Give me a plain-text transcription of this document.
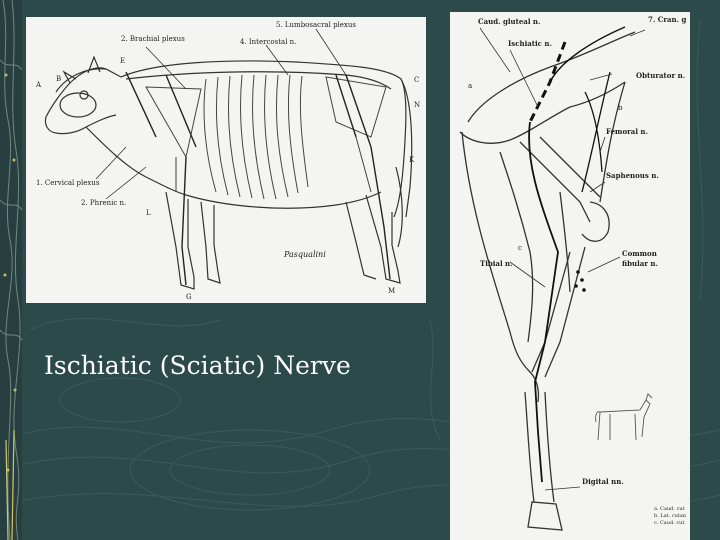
2. Brachial plexus	4. Intercostal n.
5. Lumbosacral plexus
1. Cervical plexus
2. Phrenic n.
A
B
E
C
N
K
L
G
M
Pasqualini
Caud. gluteal n.	7. Cran. g
Ischiatic n.
Obturator n.
Femoral n.
Saphenous n.
Common
fibular n.
Tibial n.
Digital nn.
a
b
c
a. Caud. cut
b. Lat. cutan
c. Caud. cut
Ischiatic (Sciatic) Nerve
